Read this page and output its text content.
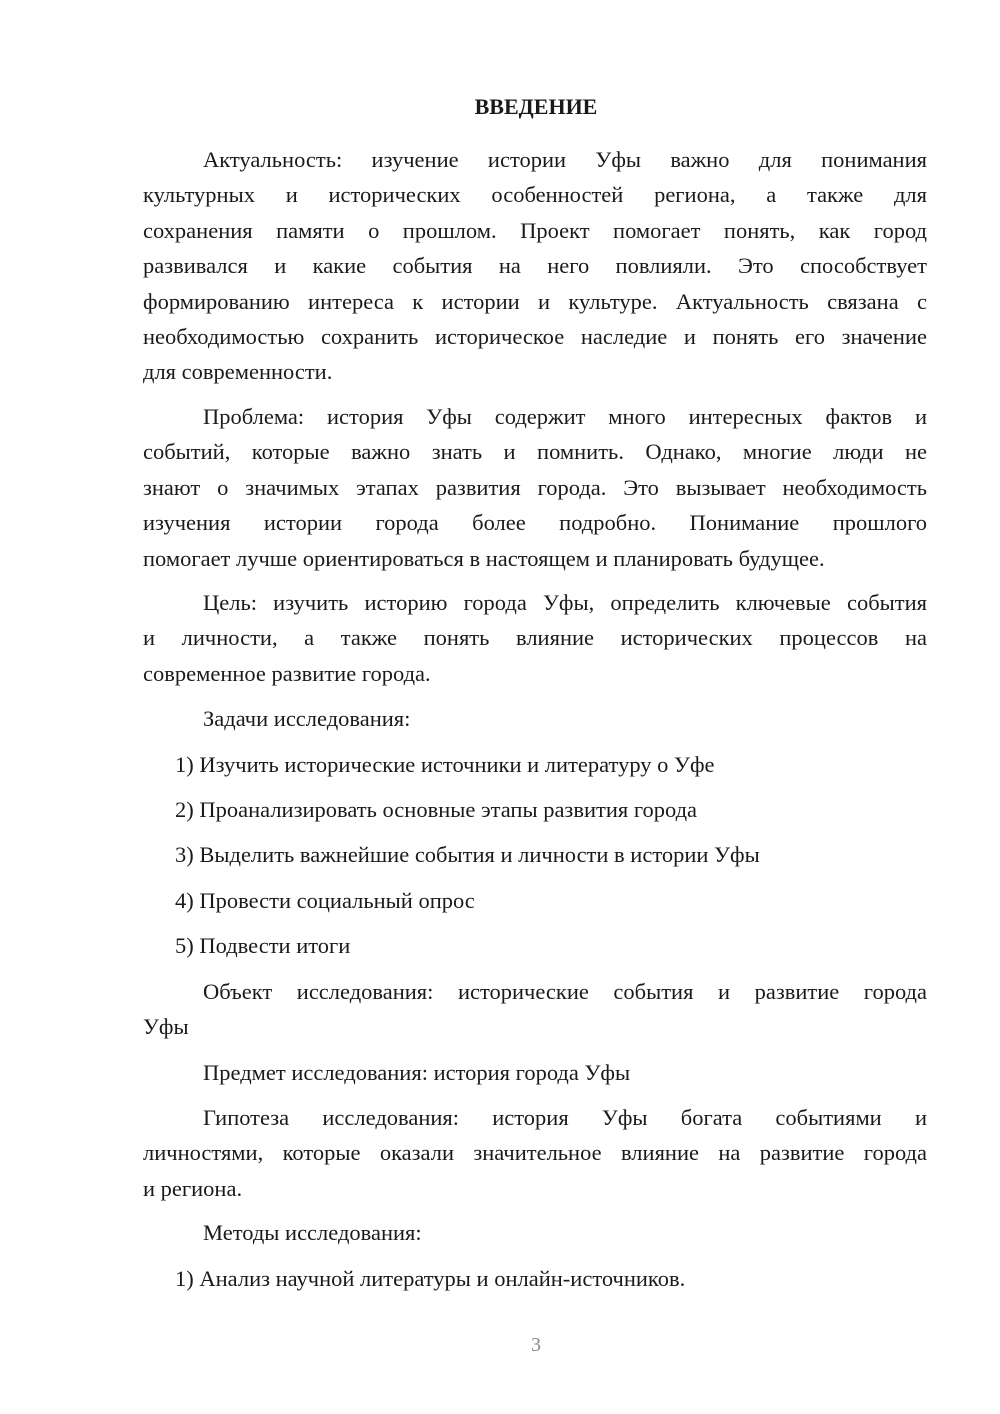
ВВЕДЕНИЕ

Актуальность: изучение истории Уфы важно для понимания
культурных и исторических особенностей региона, а также для
сохранения памяти о прошлом. Проект помогает понять, как город
развивался и какие события на него повлияли. Это способствует
формированию интереса к истории и культуре. Актуальность связана с
необходимостью сохранить историческое наследие и понять его значение
для современности.

Проблема: история Уфы содержит много интересных фактов и
событий, которые важно знать и помнить. Однако, многие люди не
знают о значимых этапах развития города. Это вызывает необходимость
изучения истории города более подробно. Понимание прошлого
помогает лучше ориентироваться в настоящем и планировать будущее.

Цель: изучить историю города Уфы, определить ключевые события
и личности, а также понять влияние исторических процессов на
современное развитие города.

Задачи исследования:

1) Изучить исторические источники и литературу о Уфе

2) Проанализировать основные этапы развития города

3) Выделить важнейшие события и личности в истории Уфы

4) Провести социальный опрос

5) Подвести итоги

Объект исследования: исторические события и развитие города
Уфы

Предмет исследования: история города Уфы

Гипотеза исследования: история Уфы богата событиями и
личностями, которые оказали значительное влияние на развитие города
и региона.

Методы исследования:

1) Анализ научной литературы и онлайн-источников.

3
